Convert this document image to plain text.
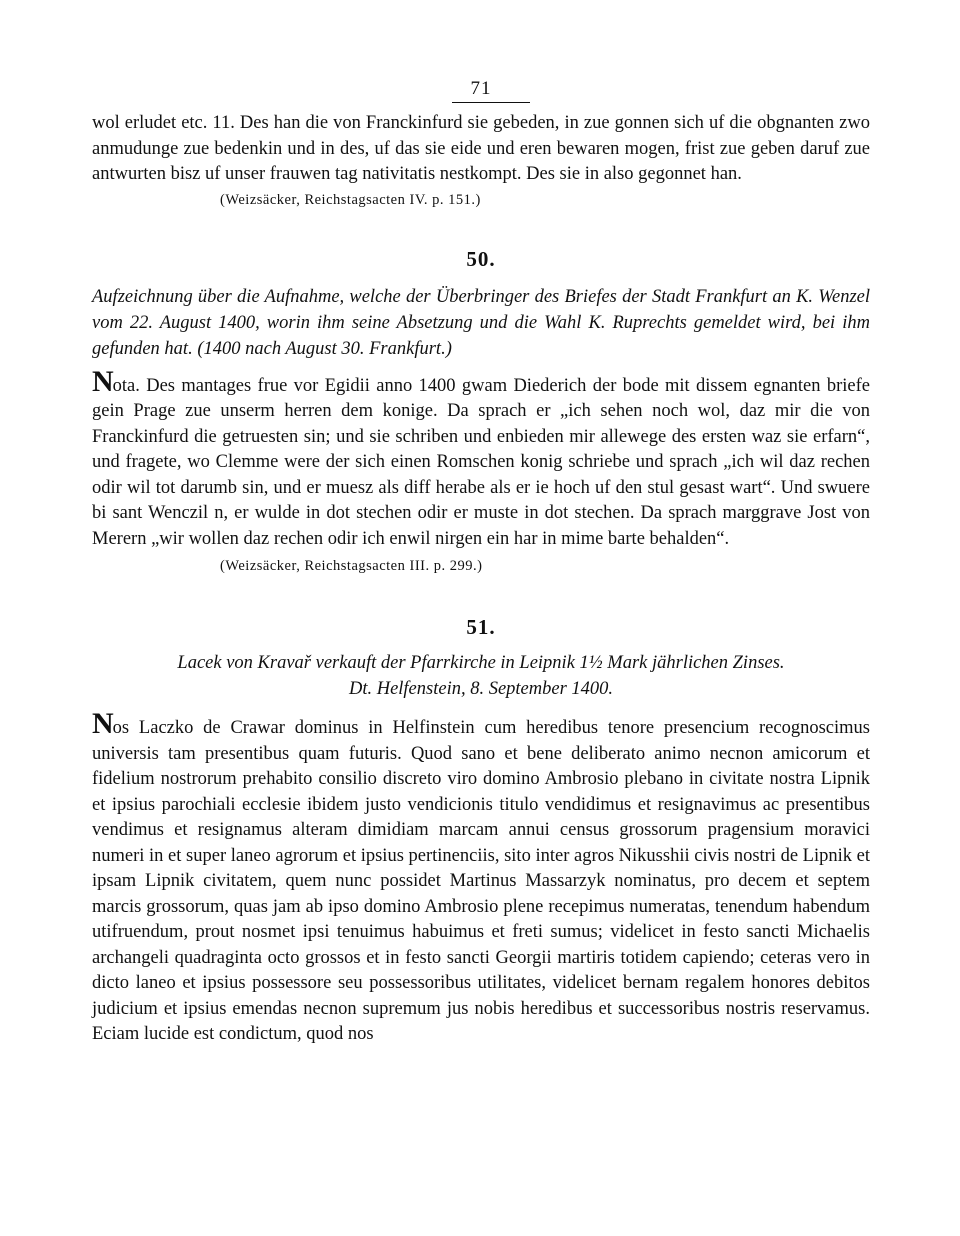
71

wol erludet etc. 11. Des han die von Franckinfurd sie gebeden, in zue gonnen sich uf die obgnanten zwo anmudunge zue bedenkin und in des, uf das sie eide und eren bewaren mogen, frist zue geben daruf zue antwurten bisz uf unser frauwen tag nativitatis nestkompt. Des sie in also gegonnet han.

(Weizsäcker, Reichstagsacten IV. p. 151.)

50.

Aufzeichnung über die Aufnahme, welche der Überbringer des Briefes der Stadt Frankfurt an K. Wenzel vom 22. August 1400, worin ihm seine Absetzung und die Wahl K. Ruprechts gemeldet wird, bei ihm gefunden hat. (1400 nach August 30. Frankfurt.)

Nota. Des mantages frue vor Egidii anno 1400 gwam Diederich der bode mit dissem egnanten briefe gein Prage zue unserm herren dem konige. Da sprach er „ich sehen noch wol, daz mir die von Franckinfurd die getruesten sin; und sie schriben und enbieden mir allewege des ersten waz sie erfarn“, und fragete, wo Clemme were der sich einen Romschen konig schriebe und sprach „ich wil daz rechen odir wil tot darumb sin, und er muesz als diff herabe als er ie hoch uf den stul gesast wart“. Und swuere bi sant Wenczil n, er wulde in dot stechen odir er muste in dot stechen. Da sprach marggrave Jost von Merern „wir wollen daz rechen odir ich enwil nirgen ein har in mime barte behalden“.

(Weizsäcker, Reichstagsacten III. p. 299.)

51.

Lacek von Kravař verkauft der Pfarrkirche in Leipnik 1½ Mark jährlichen Zinses.

Dt. Helfenstein, 8. September 1400.

Nos Laczko de Crawar dominus in Helfinstein cum heredibus tenore presencium recognoscimus universis tam presentibus quam futuris. Quod sano et bene deliberato animo necnon amicorum et fidelium nostrorum prehabito consilio discreto viro domino Ambrosio plebano in civitate nostra Lipnik et ipsius parochiali ecclesie ibidem justo vendicionis titulo vendidimus et resignavimus ac presentibus vendimus et resignamus alteram dimidiam marcam annui census grossorum pragensium moravici numeri in et super laneo agrorum et ipsius pertinenciis, sito inter agros Nikusshii civis nostri de Lipnik et ipsam Lipnik civitatem, quem nunc possidet Martinus Massarzyk nominatus, pro decem et septem marcis grossorum, quas jam ab ipso domino Ambrosio plene recepimus numeratas, tenendum habendum utifruendum, prout nosmet ipsi tenuimus habuimus et freti sumus; videlicet in festo sancti Michaelis archangeli quadraginta octo grossos et in festo sancti Georgii martiris totidem capiendo; ceteras vero in dicto laneo et ipsius possessore seu possessoribus utilitates, videlicet bernam regalem honores debitos judicium et ipsius emendas necnon supremum jus nobis heredibus et successoribus nostris reservamus. Eciam lucide est condictum, quod nos
